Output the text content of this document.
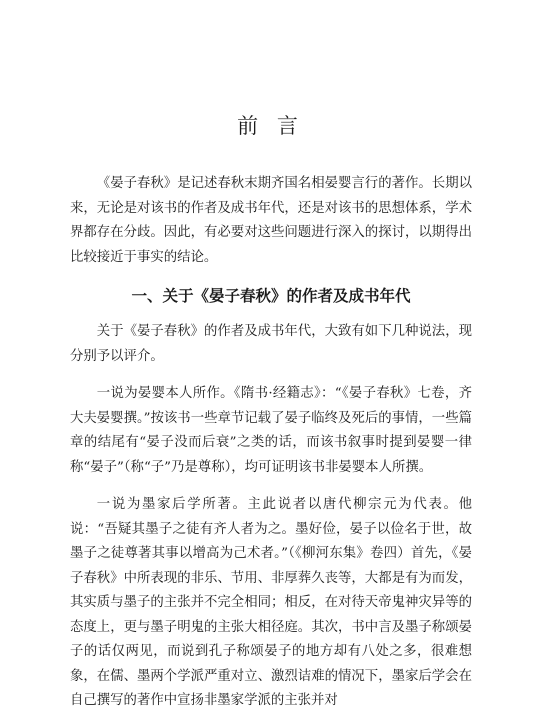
前 言

《晏子春秋》是记述春秋末期齐国名相晏婴言行的著作。长期以来，无论是对该书的作者及成书年代，还是对该书的思想体系，学术界都存在分歧。因此，有必要对这些问题进行深入的探讨，以期得出比较接近于事实的结论。

一、关于《晏子春秋》的作者及成书年代

关于《晏子春秋》的作者及成书年代，大致有如下几种说法，现分别予以评介。

一说为晏婴本人所作。《隋书·经籍志》：“《晏子春秋》七卷，齐大夫晏婴撰。”按该书一些章节记载了晏子临终及死后的事情，一些篇章的结尾有“晏子没而后衰”之类的话，而该书叙事时提到晏婴一律称“晏子”（称“子”乃是尊称），均可证明该书非晏婴本人所撰。

一说为墨家后学所著。主此说者以唐代柳宗元为代表。他说：“吾疑其墨子之徒有齐人者为之。墨好俭，晏子以俭名于世，故墨子之徒尊著其事以增高为己术者。”（《柳河东集》卷四）首先，《晏子春秋》中所表现的非乐、节用、非厚葬久丧等，大都是有为而发，其实质与墨子的主张并不完全相同；相反，在对待天帝鬼神灾异等的态度上，更与墨子明鬼的主张大相径庭。其次，书中言及墨子称颂晏子的话仅两见，而说到孔子称颂晏子的地方却有八处之多，很难想象，在儒、墨两个学派严重对立、激烈诘难的情况下，墨家后学会在自己撰写的著作中宣扬非墨家学派的主张并对
